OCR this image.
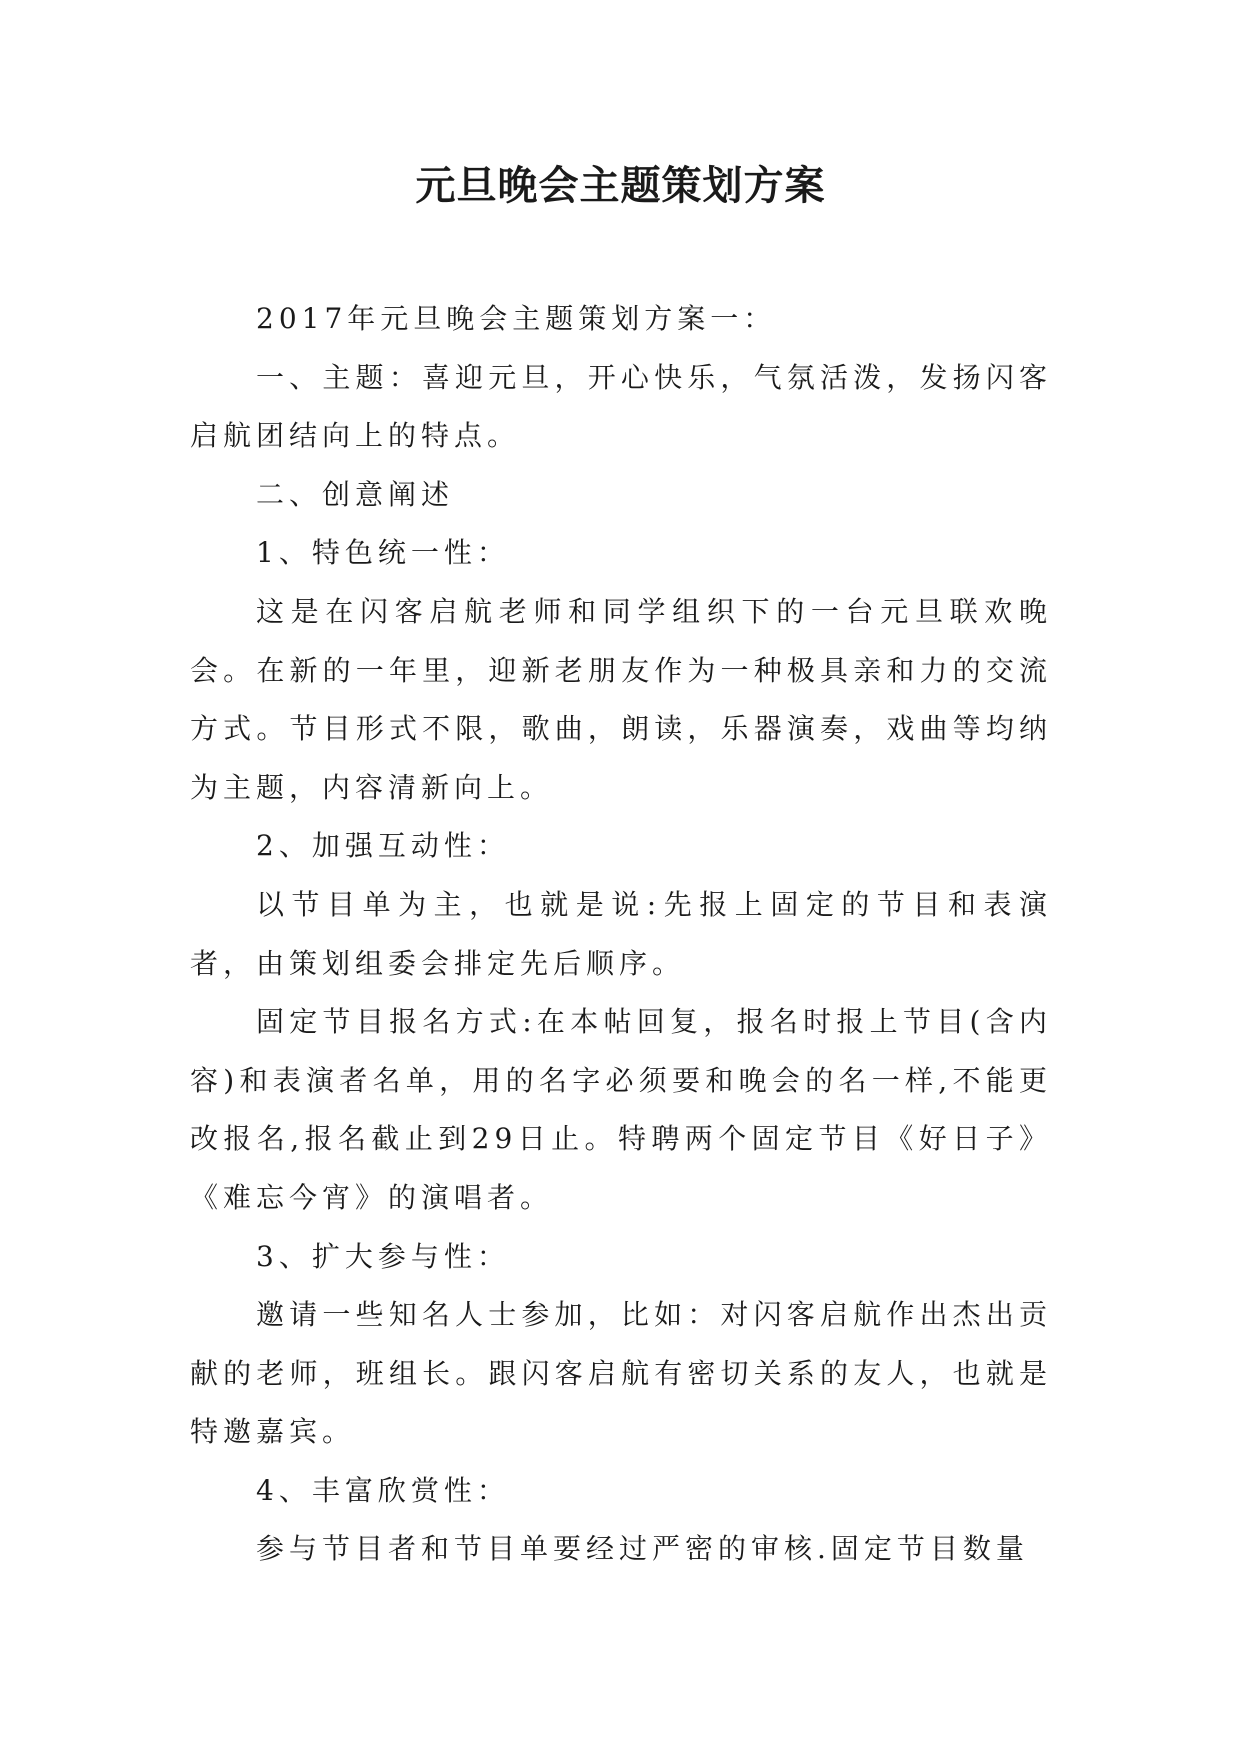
元旦晚会主题策划方案

2017年元旦晚会主题策划方案一：

一、主题：喜迎元旦，开心快乐，气氛活泼，发扬闪客启航团结向上的特点。

二、创意阐述

1、特色统一性：

这是在闪客启航老师和同学组织下的一台元旦联欢晚会。在新的一年里，迎新老朋友作为一种极具亲和力的交流方式。节目形式不限，歌曲，朗读，乐器演奏，戏曲等均纳为主题，内容清新向上。

2、加强互动性：

以节目单为主，也就是说:先报上固定的节目和表演者，由策划组委会排定先后顺序。

固定节目报名方式:在本帖回复，报名时报上节目(含内容)和表演者名单，用的名字必须要和晚会的名一样,不能更改报名,报名截止到29日止。特聘两个固定节目《好日子》《难忘今宵》的演唱者。

3、扩大参与性：

邀请一些知名人士参加，比如：对闪客启航作出杰出贡献的老师，班组长。跟闪客启航有密切关系的友人，也就是特邀嘉宾。

4、丰富欣赏性：

参与节目者和节目单要经过严密的审核.固定节目数量
